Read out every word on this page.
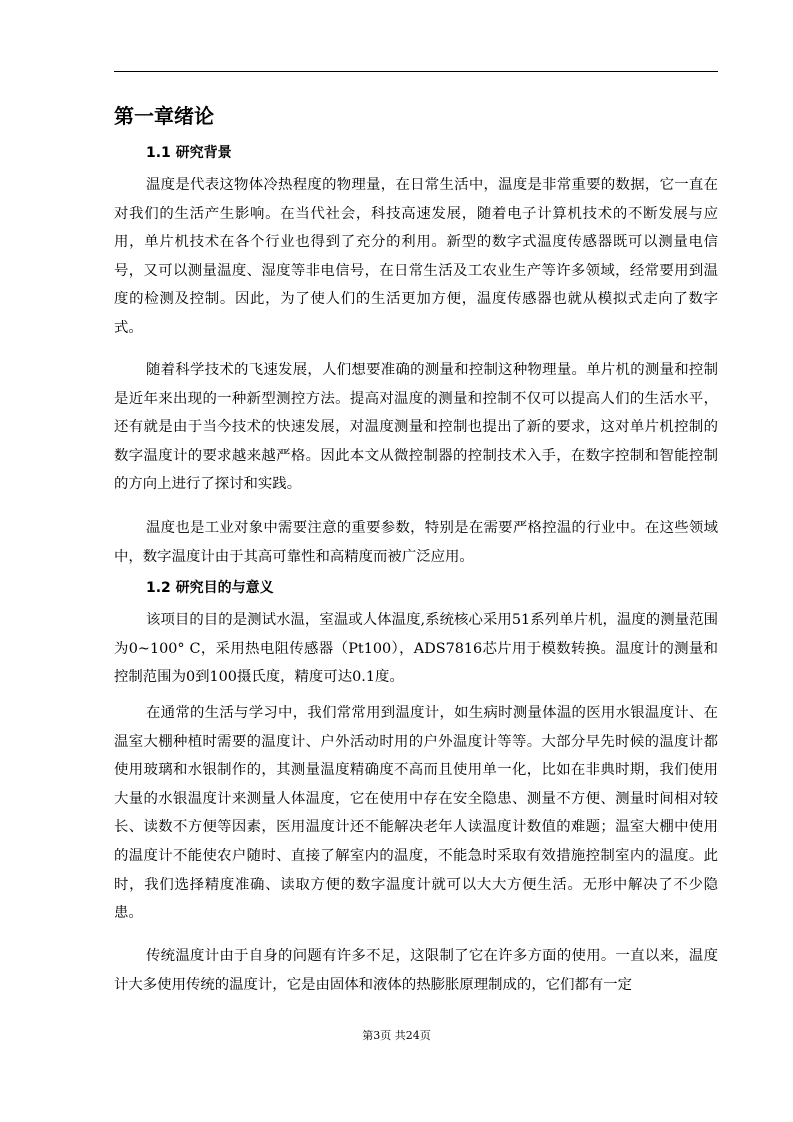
第一章绪论
1.1 研究背景

温度是代表这物体冷热程度的物理量，在日常生活中，温度是非常重要的数据，它一直在对我们的生活产生影响。在当代社会，科技高速发展，随着电子计算机技术的不断发展与应用，单片机技术在各个行业也得到了充分的利用。新型的数字式温度传感器既可以测量电信号，又可以测量温度、湿度等非电信号，在日常生活及工农业生产等许多领域，经常要用到温度的检测及控制。因此，为了使人们的生活更加方便，温度传感器也就从模拟式走向了数字式。

随着科学技术的飞速发展，人们想要准确的测量和控制这种物理量。单片机的测量和控制是近年来出现的一种新型测控方法。提高对温度的测量和控制不仅可以提高人们的生活水平，还有就是由于当今技术的快速发展，对温度测量和控制也提出了新的要求，这对单片机控制的数字温度计的要求越来越严格。因此本文从微控制器的控制技术入手，在数字控制和智能控制的方向上进行了探讨和实践。

温度也是工业对象中需要注意的重要参数，特别是在需要严格控温的行业中。在这些领域中，数字温度计由于其高可靠性和高精度而被广泛应用。

1.2 研究目的与意义

该项目的目的是测试水温，室温或人体温度,系统核心采用51系列单片机，温度的测量范围为0~100° C，采用热电阻传感器（Pt100），ADS7816芯片用于模数转换。温度计的测量和控制范围为0到100摄氏度，精度可达0.1度。

在通常的生活与学习中，我们常常用到温度计，如生病时测量体温的医用水银温度计、在温室大棚种植时需要的温度计、户外活动时用的户外温度计等等。大部分早先时候的温度计都使用玻璃和水银制作的，其测量温度精确度不高而且使用单一化，比如在非典时期，我们使用大量的水银温度计来测量人体温度，它在使用中存在安全隐患、测量不方便、测量时间相对较长、读数不方便等因素，医用温度计还不能解决老年人读温度计数值的难题；温室大棚中使用的温度计不能使农户随时、直接了解室内的温度，不能急时采取有效措施控制室内的温度。此时，我们选择精度准确、读取方便的数字温度计就可以大大方便生活。无形中解决了不少隐患。

传统温度计由于自身的问题有许多不足，这限制了它在许多方面的使用。一直以来，温度计大多使用传统的温度计，它是由固体和液体的热膨胀原理制成的，它们都有一定

第3页 共24页
